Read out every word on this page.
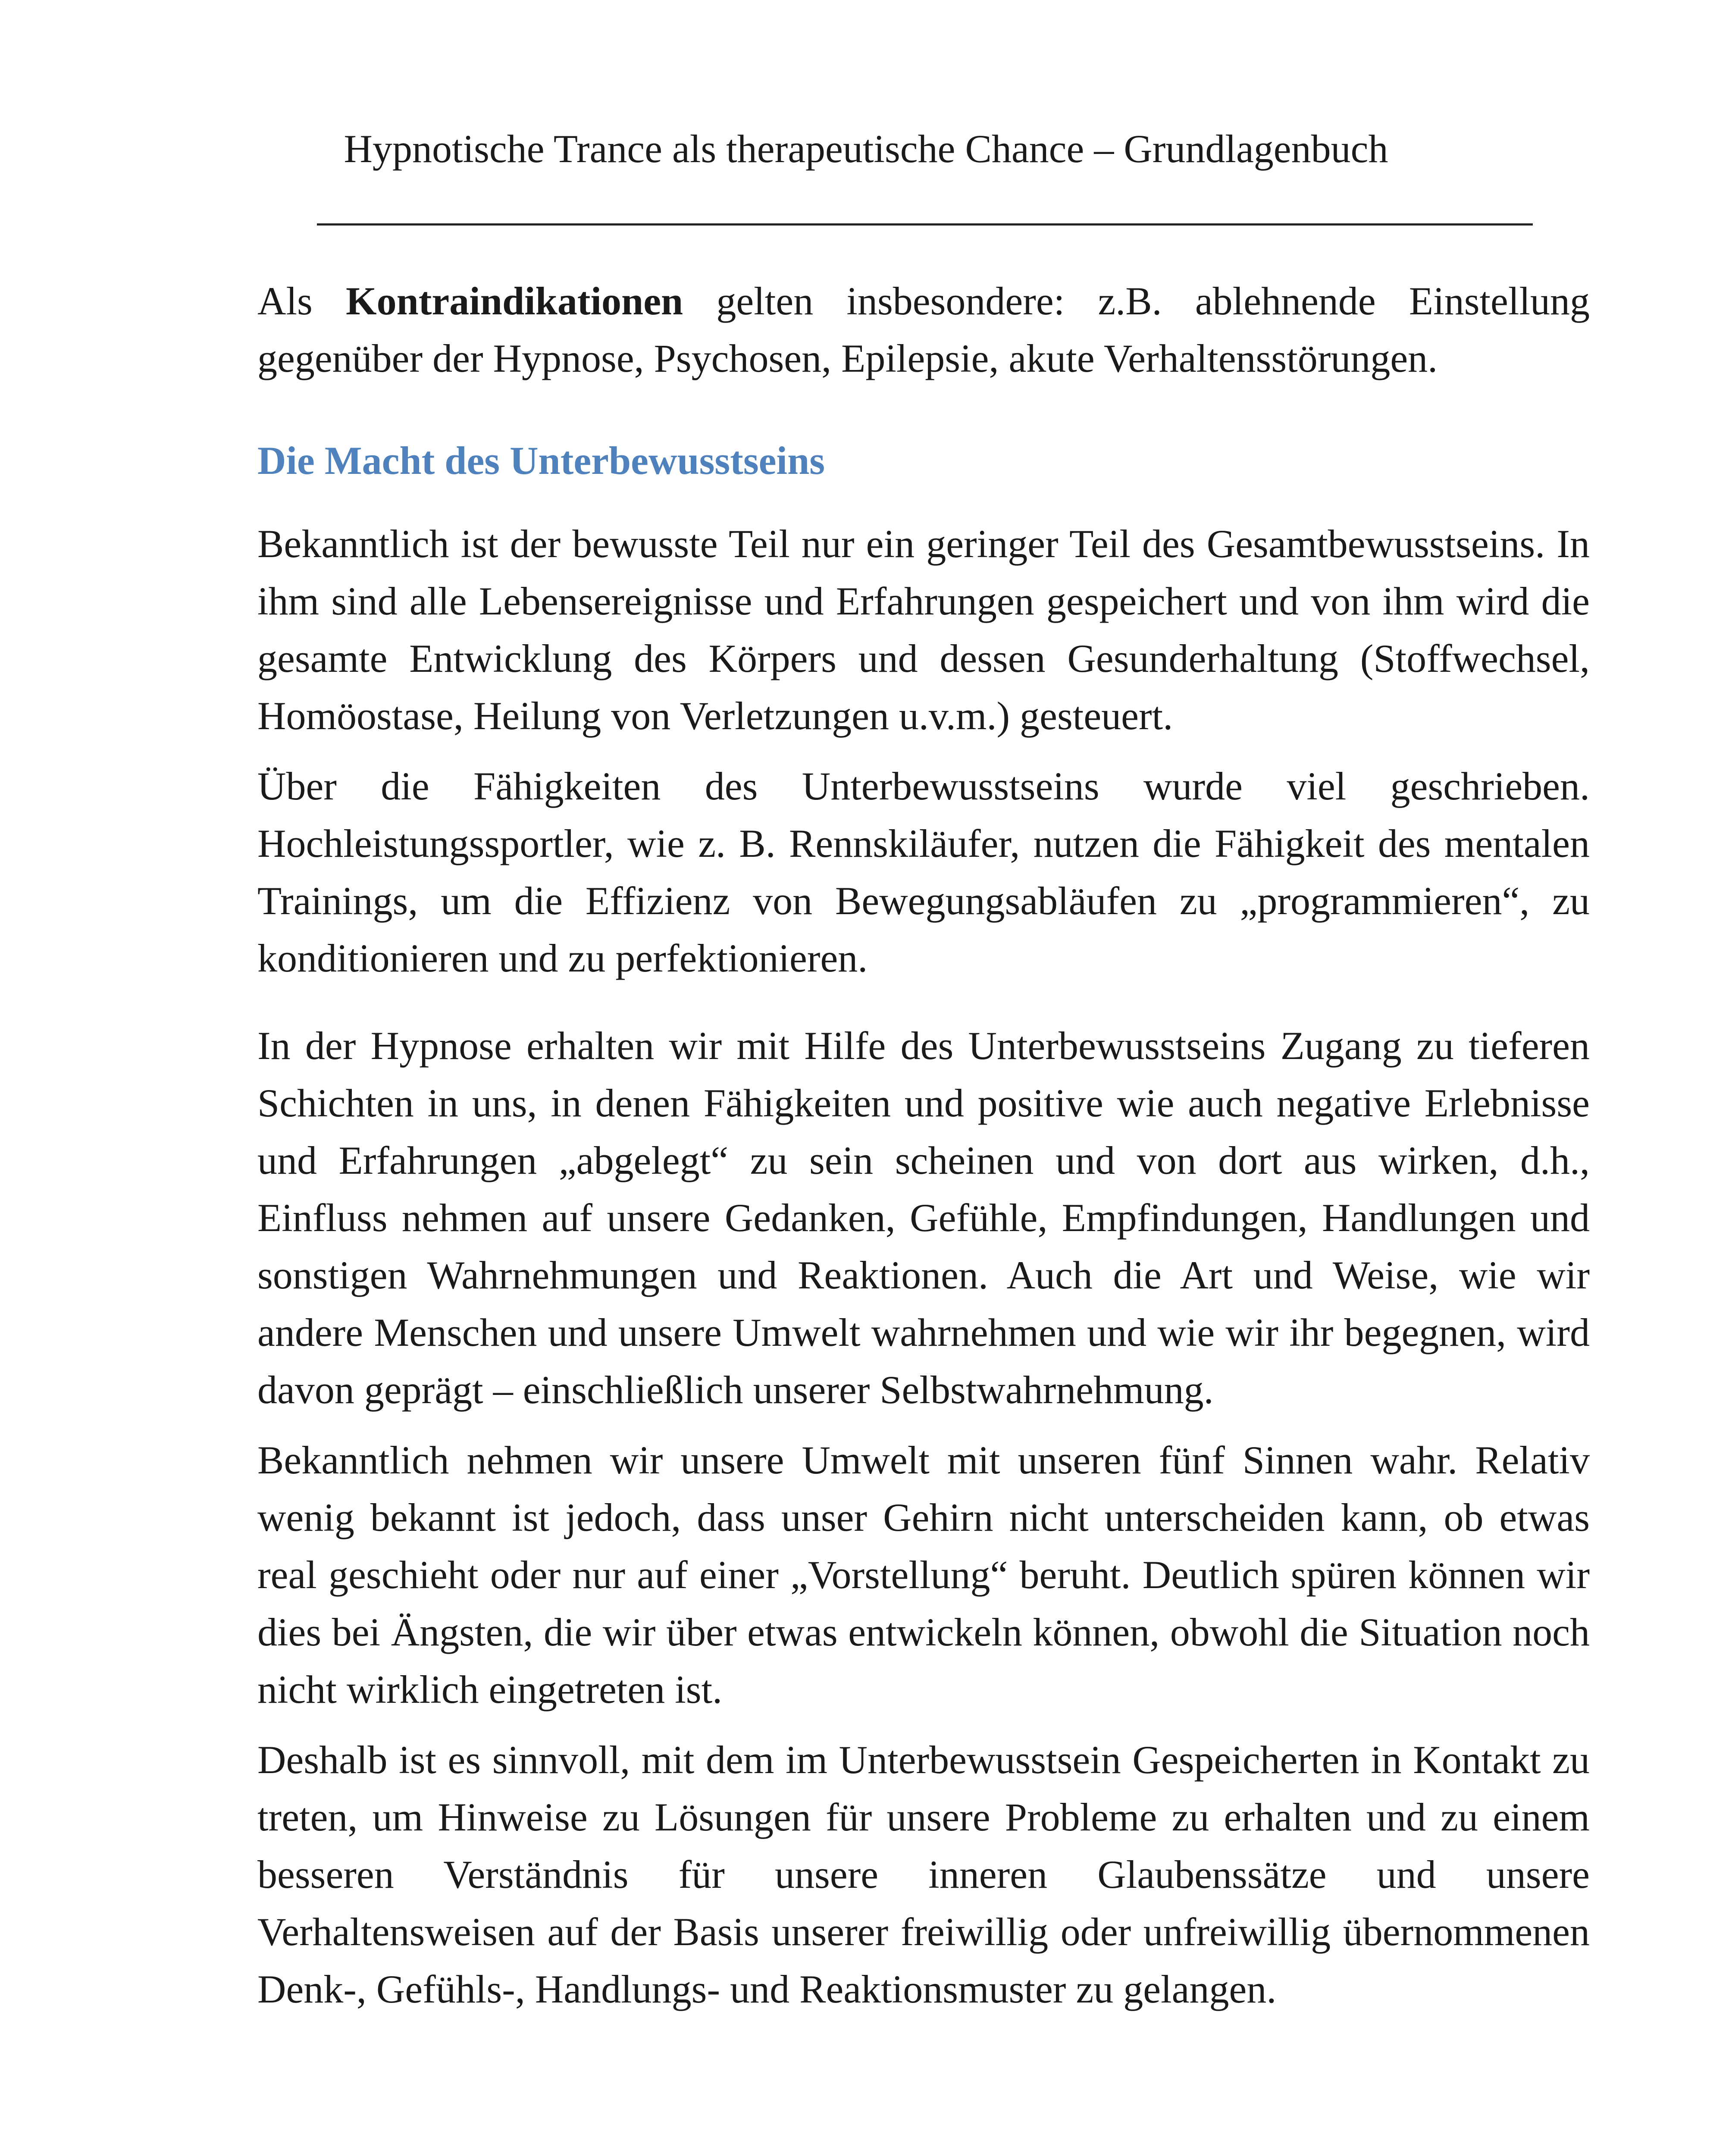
Hypnotische Trance als therapeutische Chance – Grundlagenbuch

Als Kontraindikationen gelten insbesondere: z.B. ablehnende Einstellung gegenüber der Hypnose, Psychosen, Epilepsie, akute Verhaltensstörungen.

Die Macht des Unterbewusstseins

Bekanntlich ist der bewusste Teil nur ein geringer Teil des Gesamtbewusstseins. In ihm sind alle Lebensereignisse und Erfahrungen gespeichert und von ihm wird die gesamte Entwicklung des Körpers und dessen Gesunderhaltung (Stoffwechsel, Homöostase, Heilung von Verletzungen u.v.m.) gesteuert.

Über die Fähigkeiten des Unterbewusstseins wurde viel geschrieben. Hochleistungssportler, wie z. B. Rennskiläufer, nutzen die Fähigkeit des mentalen Trainings, um die Effizienz von Bewegungsabläufen zu „programmieren“, zu konditionieren und zu perfektionieren.

In der Hypnose erhalten wir mit Hilfe des Unterbewusstseins Zugang zu tieferen Schichten in uns, in denen Fähigkeiten und positive wie auch negative Erlebnisse und Erfahrungen „abgelegt“ zu sein scheinen und von dort aus wirken, d.h., Einfluss nehmen auf unsere Gedanken, Gefühle, Empfindungen, Handlungen und sonstigen Wahrnehmungen und Reaktionen. Auch die Art und Weise, wie wir andere Menschen und unsere Umwelt wahrnehmen und wie wir ihr begegnen, wird davon geprägt – einschließlich unserer Selbstwahrnehmung.

Bekanntlich nehmen wir unsere Umwelt mit unseren fünf Sinnen wahr. Relativ wenig bekannt ist jedoch, dass unser Gehirn nicht unterscheiden kann, ob etwas real geschieht oder nur auf einer „Vorstellung“ beruht. Deutlich spüren können wir dies bei Ängsten, die wir über etwas entwickeln können, obwohl die Situation noch nicht wirklich eingetreten ist.

Deshalb ist es sinnvoll, mit dem im Unterbewusstsein Gespeicherten in Kontakt zu treten, um Hinweise zu Lösungen für unsere Probleme zu erhalten und zu einem besseren Verständnis für unsere inneren Glaubenssätze und unsere Verhaltensweisen auf der Basis unserer freiwillig oder unfreiwillig übernommenen Denk-, Gefühls-, Handlungs- und Reaktionsmuster zu gelangen.
